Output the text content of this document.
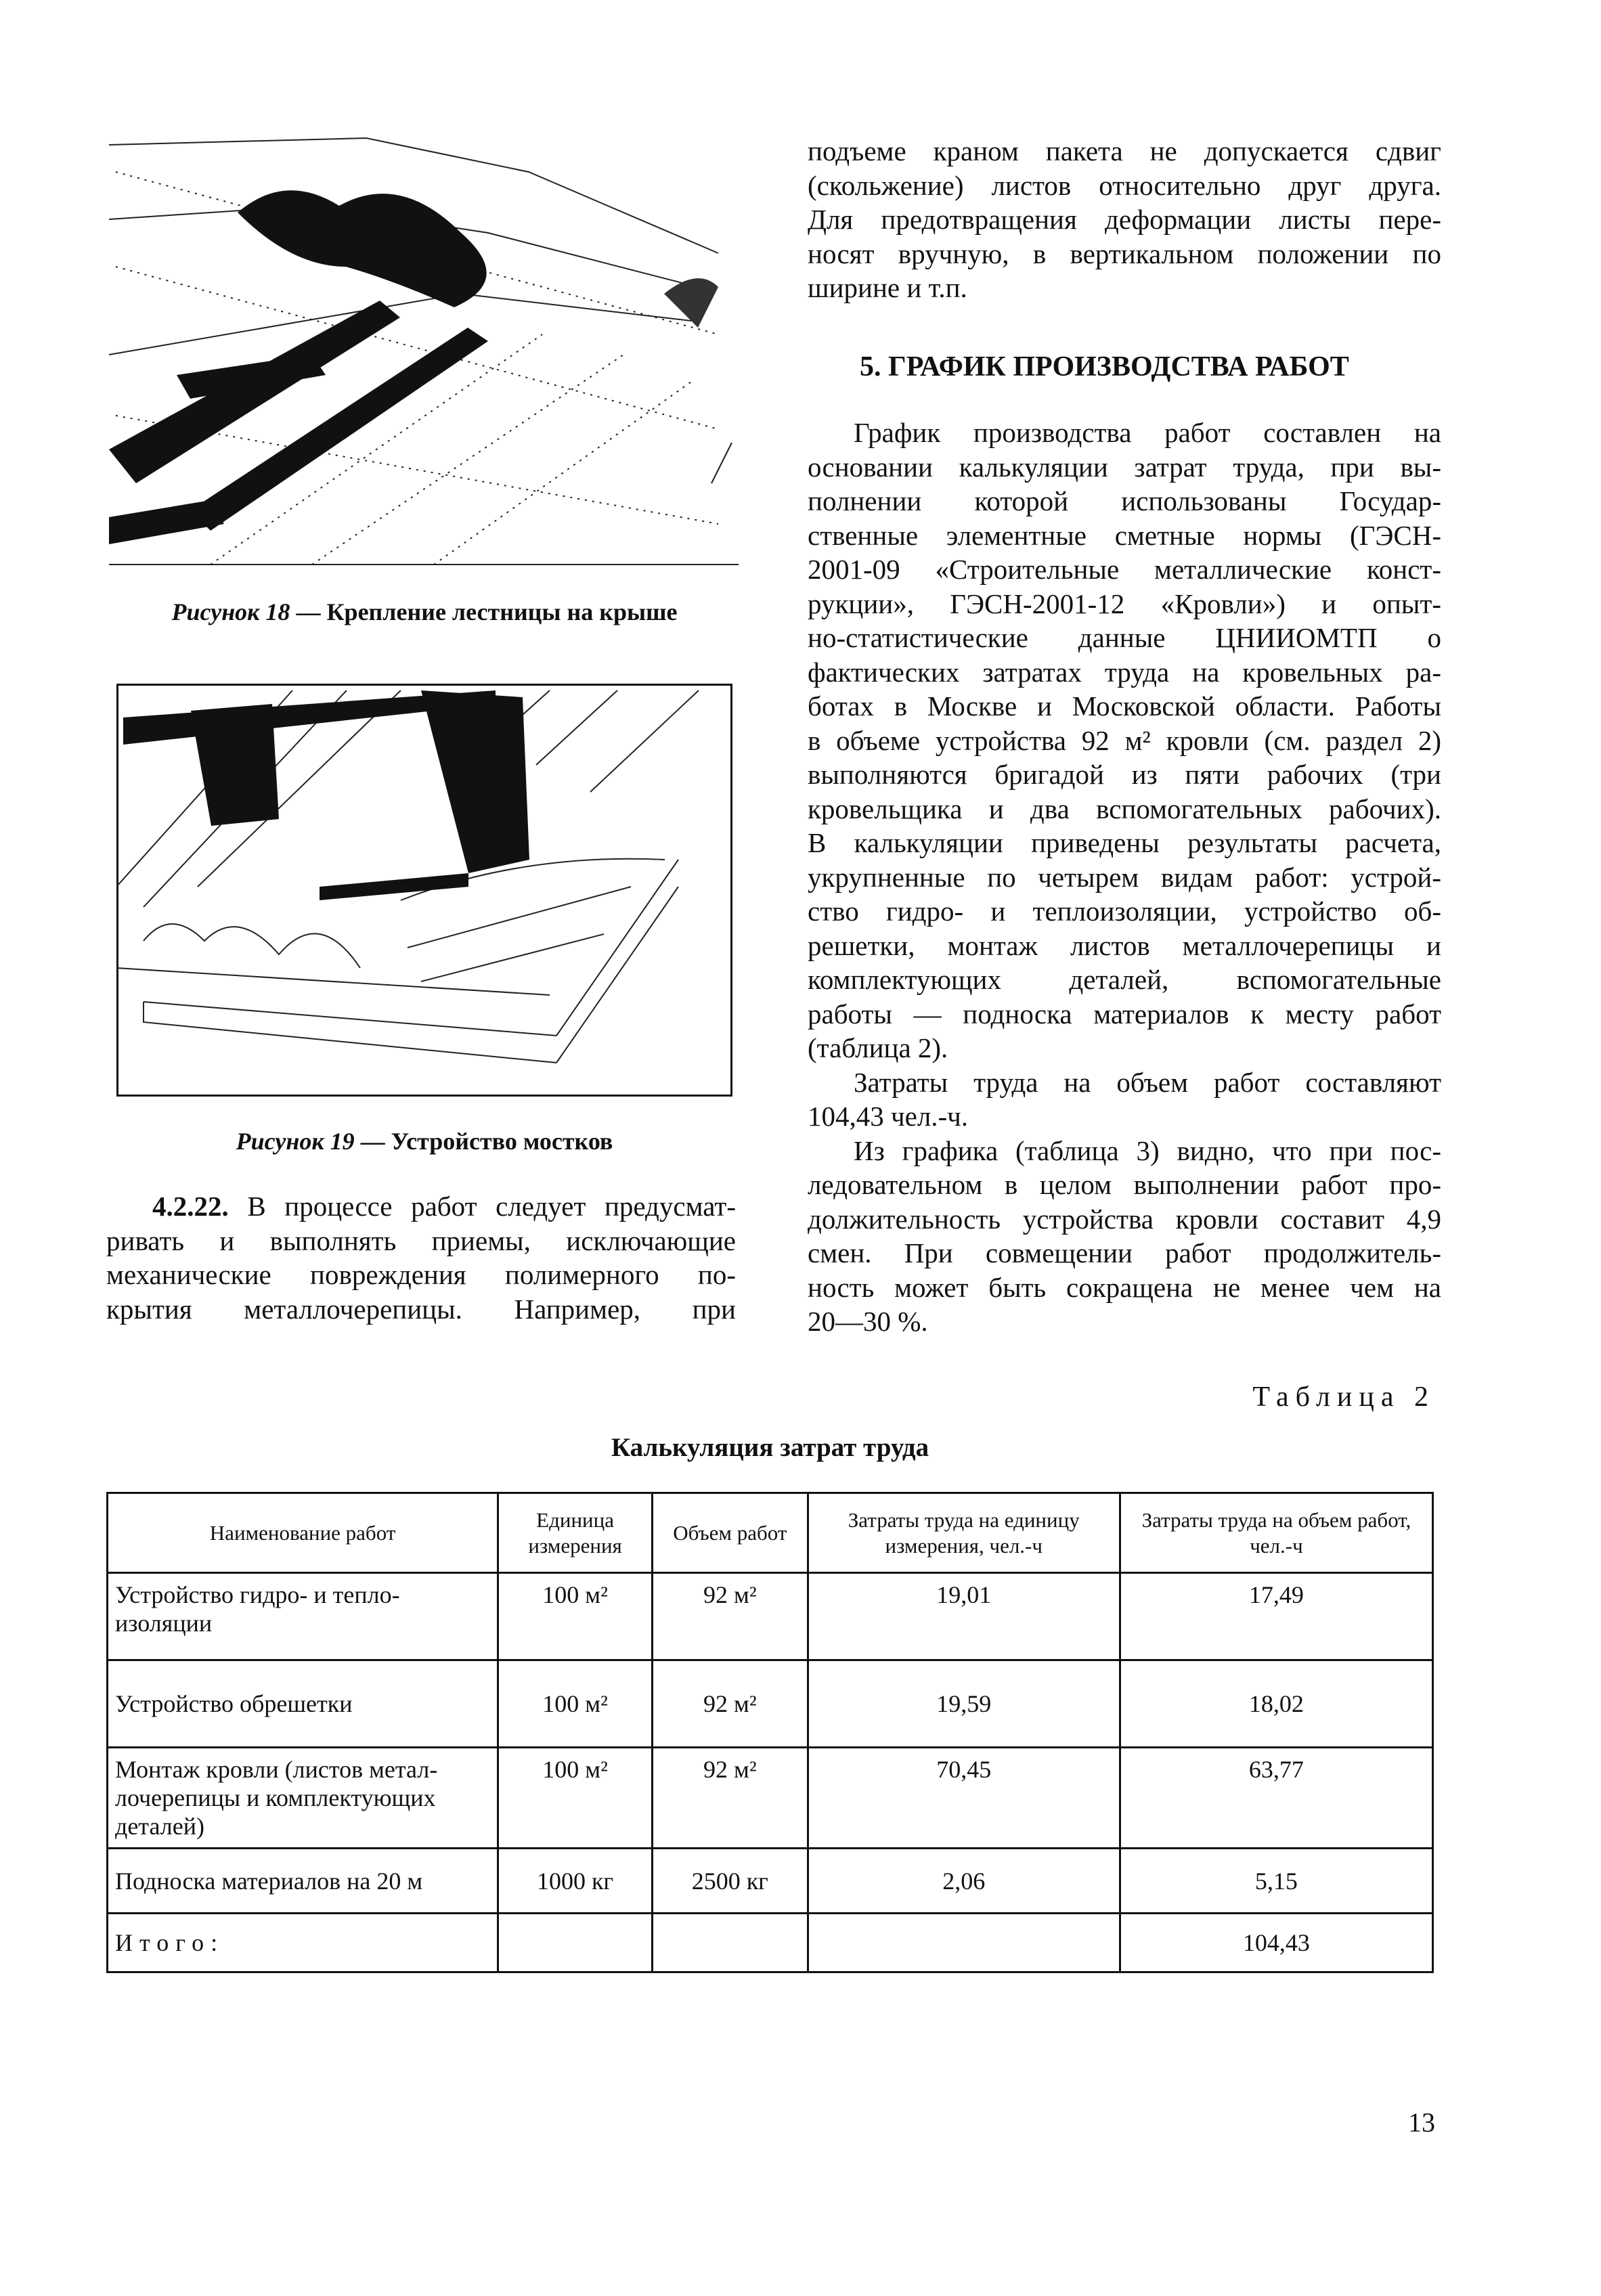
Рисунок 18 — Крепление лестницы на крыше
Рисунок 19 — Устройство мостков
4.2.22. В процессе работ следует предусмат-
ривать и выполнять приемы, исключающие
механические повреждения полимерного по-
крытия металлочерепицы. Например, при
подъеме краном пакета не допускается сдвиг
(скольжение) листов относительно друг друга.
Для предотвращения деформации листы пере-
носят вручную, в вертикальном положении по
ширине и т.п.
5. ГРАФИК ПРОИЗВОДСТВА РАБОТ
График производства работ составлен на
основании калькуляции затрат труда, при вы-
полнении которой использованы Государ-
ственные элементные сметные нормы (ГЭСН-
2001-09 «Строительные металлические конст-
рукции», ГЭСН-2001-12 «Кровли») и опыт-
но-статистические данные ЦНИИОМТП о
фактических затратах труда на кровельных ра-
ботах в Москве и Московской области. Работы
в объеме устройства 92 м² кровли (см. раздел 2)
выполняются бригадой из пяти рабочих (три
кровельщика и два вспомогательных рабочих).
В калькуляции приведены результаты расчета,
укрупненные по четырем видам работ: устрой-
ство гидро- и теплоизоляции, устройство об-
решетки, монтаж листов металлочерепицы и
комплектующих деталей, вспомогательные
работы — подноска материалов к месту работ
(таблица 2).
Затраты труда на объем работ составляют
104,43 чел.-ч.
Из графика (таблица 3) видно, что при пос-
ледовательном в целом выполнении работ про-
должительность устройства кровли составит 4,9
смен. При совмещении работ продолжитель-
ность может быть сокращена не менее чем на
20—30 %.
Таблица 2
Калькуляция затрат труда
Наименование работ	Единица измерения	Объем работ	Затраты труда на единицу измерения, чел.-ч	Затраты труда на объем работ, чел.-ч
Устройство гидро- и тепло-изоляции	100 м²	92 м²	19,01	17,49
Устройство обрешетки	100 м²	92 м²	19,59	18,02
Монтаж кровли (листов метал-лочерепицы и комплектующих деталей)	100 м²	92 м²	70,45	63,77
Подноска материалов на 20 м	1000 кг	2500 кг	2,06	5,15
Итого:				104,43
13
